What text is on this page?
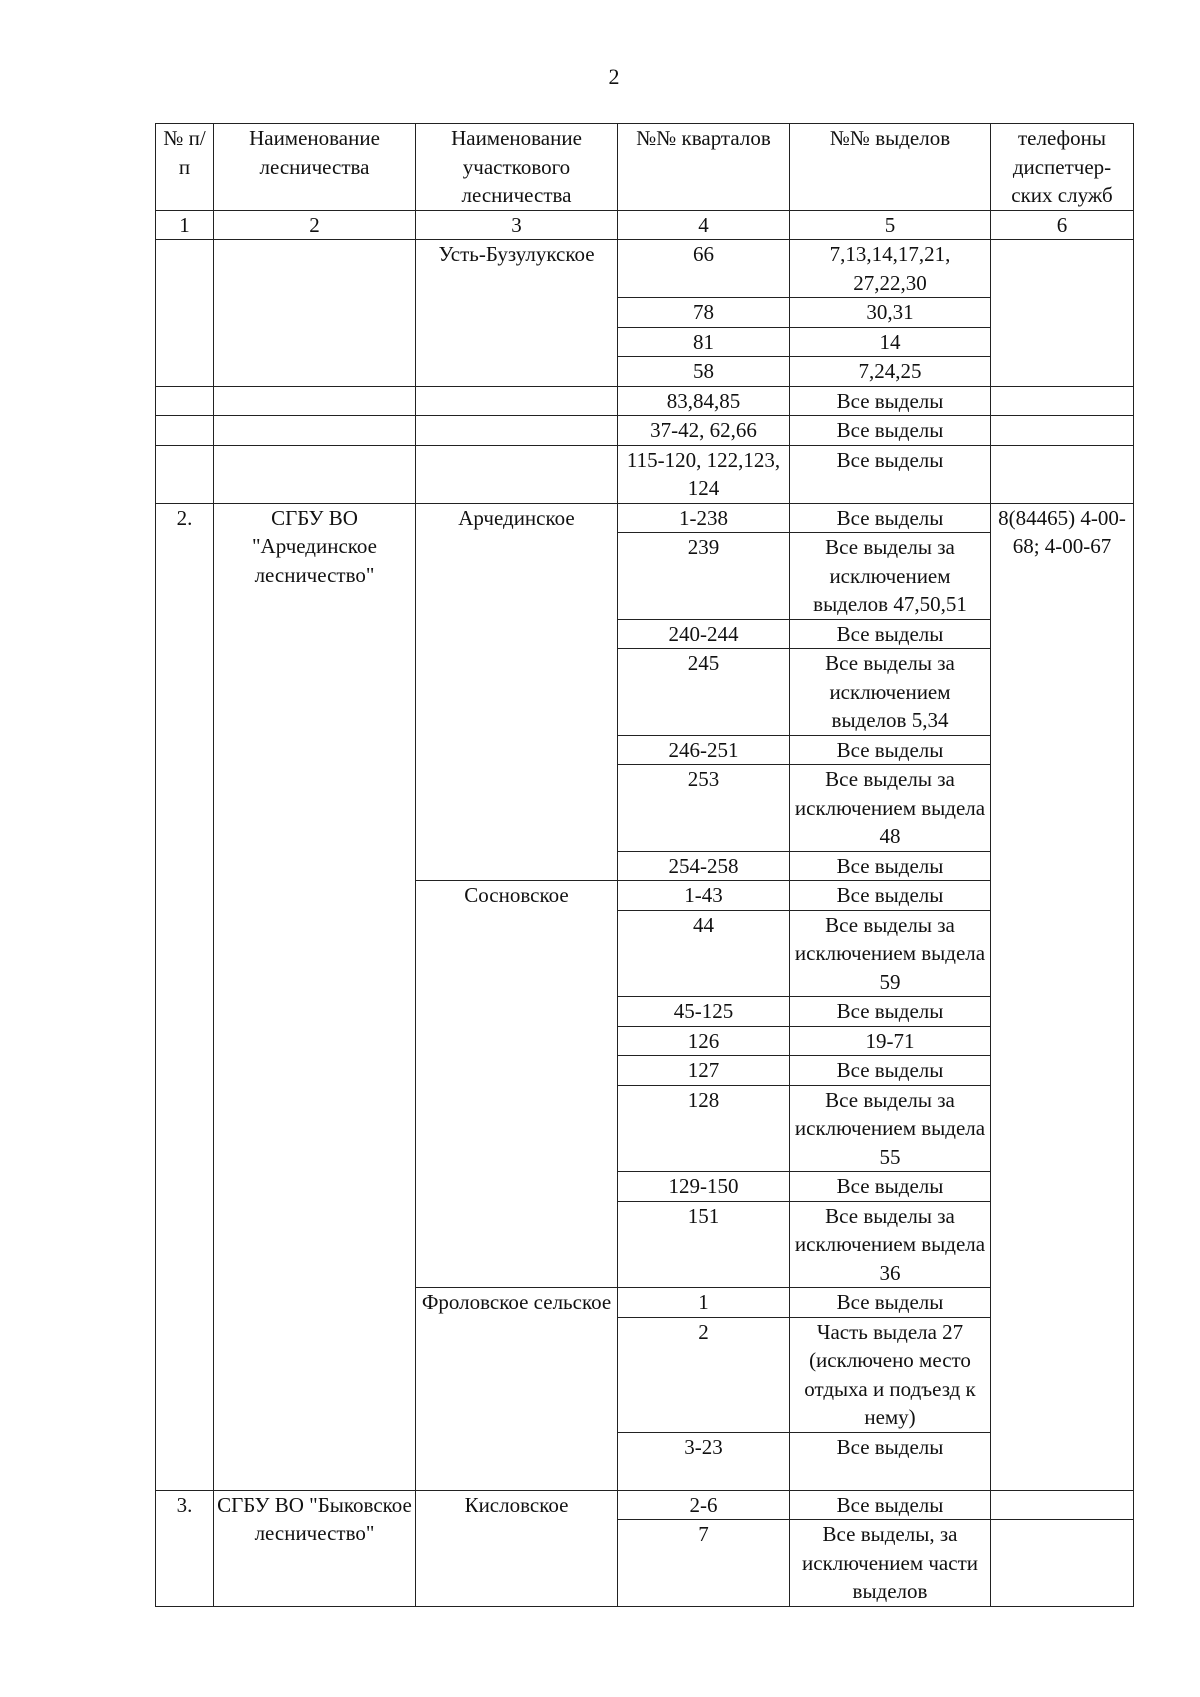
2
№ п/п	Наименование лесничества	Наименование участкового лесничества	№№ кварталов	№№ выделов	телефоны диспетчер-ских служб
1	2	3	4	5	6
		Усть-Бузулукское	66	7,13,14,17,21, 27,22,30	
			78	30,31	
			81	14	
			58	7,24,25	
			83,84,85	Все выделы	
			37-42, 62,66	Все выделы	
			115-120, 122,123, 124	Все выделы	
2.	СГБУ ВО "Арчединское лесничество"	Арчединское	1-238	Все выделы	8(84465) 4-00-68; 4-00-67
			239	Все выделы за исключением выделов 47,50,51	
			240-244	Все выделы	
			245	Все выделы за исключением выделов 5,34	
			246-251	Все выделы	
			253	Все выделы за исключением выдела 48	
			254-258	Все выделы	
		Сосновское	1-43	Все выделы	
			44	Все выделы за исключением выдела 59	
			45-125	Все выделы	
			126	19-71	
			127	Все выделы	
			128	Все выделы за исключением выдела 55	
			129-150	Все выделы	
			151	Все выделы за исключением выдела 36	
		Фроловское сельское	1	Все выделы	
			2	Часть выдела 27 (исключено место отдыха и подъезд к нему)	
			3-23	Все выделы	
3.	СГБУ ВО "Быковское лесничество"	Кисловское	2-6	Все выделы	
			7	Все выделы, за исключением части выделов	
